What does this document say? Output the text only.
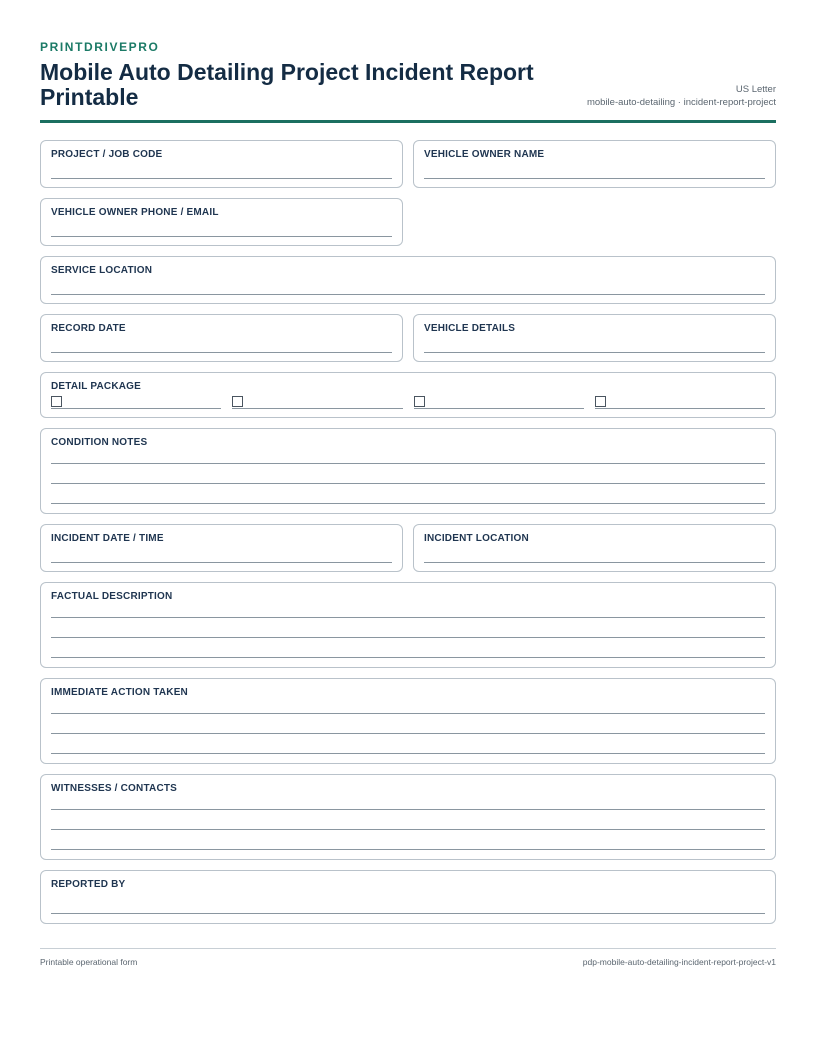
PRINTDRIVEPRO
Mobile Auto Detailing Project Incident Report Printable	US Letter
mobile-auto-detailing · incident-report-project
PROJECT / JOB CODE	VEHICLE OWNER NAME
VEHICLE OWNER PHONE / EMAIL
SERVICE LOCATION
RECORD DATE	VEHICLE DETAILS
DETAIL PACKAGE
CONDITION NOTES
INCIDENT DATE / TIME	INCIDENT LOCATION
FACTUAL DESCRIPTION
IMMEDIATE ACTION TAKEN
WITNESSES / CONTACTS
REPORTED BY
Printable operational form	pdp-mobile-auto-detailing-incident-report-project-v1
